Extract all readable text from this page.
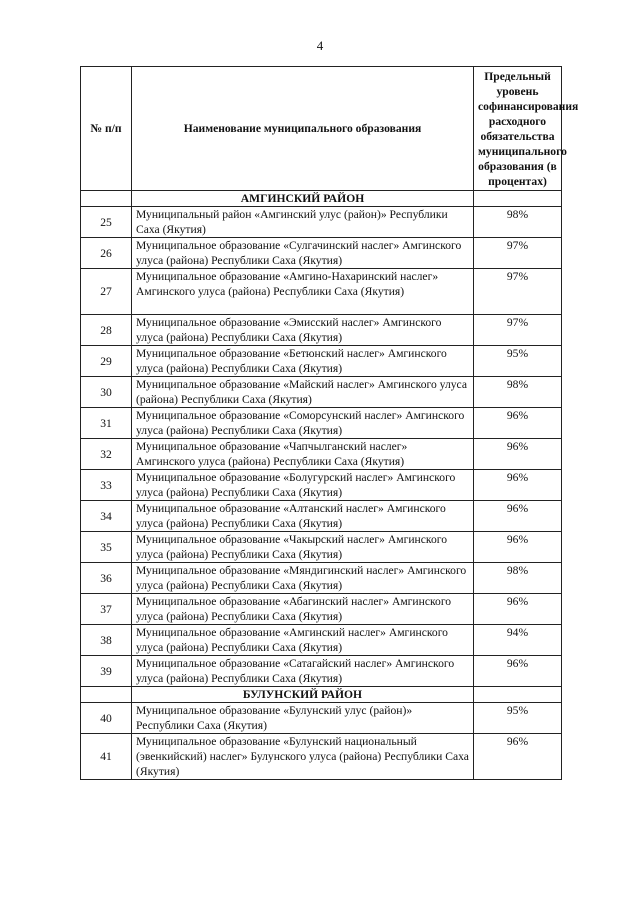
4
№ п/п	Наименование муниципального образования	Предельный уровень софинансирования расходного обязательства муниципального образования (в процентах)
	АМГИНСКИЙ РАЙОН	
25	Муниципальный район «Амгинский улус (район)» Республики Саха (Якутия)	98%
26	Муниципальное образование «Сулгачинский наслег» Амгинского улуса (района) Республики Саха (Якутия)	97%
27	Муниципальное образование «Амгино-Нахаринский наслег» Амгинского улуса (района) Республики Саха (Якутия)	97%
28	Муниципальное образование «Эмисский наслег» Амгинского улуса (района) Республики Саха (Якутия)	97%
29	Муниципальное образование «Бетюнский наслег» Амгинского улуса (района) Республики Саха (Якутия)	95%
30	Муниципальное образование «Майский наслег» Амгинского улуса (района) Республики Саха (Якутия)	98%
31	Муниципальное образование «Соморсунский наслег» Амгинского улуса (района) Республики Саха (Якутия)	96%
32	Муниципальное образование «Чапчылганский наслег» Амгинского улуса (района) Республики Саха (Якутия)	96%
33	Муниципальное образование «Болугурский наслег» Амгинского улуса (района) Республики Саха (Якутия)	96%
34	Муниципальное образование «Алтанский наслег» Амгинского улуса (района) Республики Саха (Якутия)	96%
35	Муниципальное образование «Чакырский наслег» Амгинского улуса (района) Республики Саха (Якутия)	96%
36	Муниципальное образование «Мяндигинский наслег» Амгинского улуса (района) Республики Саха (Якутия)	98%
37	Муниципальное образование «Абагинский наслег» Амгинского улуса (района) Республики Саха (Якутия)	96%
38	Муниципальное образование «Амгинский наслег» Амгинского улуса (района) Республики Саха (Якутия)	94%
39	Муниципальное образование «Сатагайский наслег» Амгинского улуса (района) Республики Саха (Якутия)	96%
	БУЛУНСКИЙ РАЙОН	
40	Муниципальное образование «Булунский улус (район)» Республики Саха (Якутия)	95%
41	Муниципальное образование «Булунский национальный (эвенкийский) наслег» Булунского улуса (района) Республики Саха (Якутия)	96%
